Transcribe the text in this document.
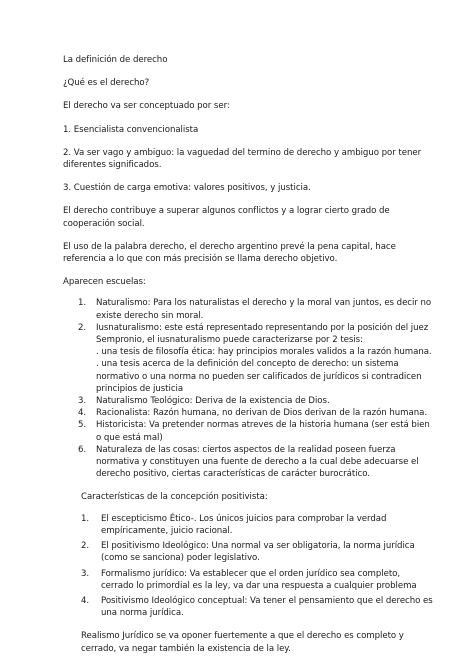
La definición de derecho

¿Qué es el derecho?

El derecho va ser conceptuado por ser:

1. Esencialista convencionalista

2. Va ser vago y ambiguo: la vaguedad del termino de derecho y ambiguo por tener diferentes significados.

3. Cuestión de carga emotiva: valores positivos, y justicia.

El derecho contribuye a superar algunos conflictos y a lograr cierto grado de cooperación social.

El uso de la palabra derecho, el derecho argentino prevé la pena capital, hace referencia a lo que con más precisión se llama derecho objetivo.

Aparecen escuelas:

1. Naturalismo: Para los naturalistas el derecho y la moral van juntos, es decir no existe derecho sin moral.
2. Iusnaturalismo: este está representado representando por la posición del juez Sempronio, el iusnaturalismo puede caracterizarse por 2 tesis:
. una tesis de filosofía ética: hay principios morales validos a la razón humana.
. una tesis acerca de la definición del concepto de derecho: un sistema normativo o una norma no pueden ser calificados de jurídicos si contradicen principios de justicia
3. Naturalismo Teológico: Deriva de la existencia de Dios.
4. Racionalista: Razón humana, no derivan de Dios derivan de la razón humana.
5. Historicista: Va pretender normas atreves de la historia humana (ser está bien o que está mal)
6. Naturaleza de las cosas: ciertos aspectos de la realidad poseen fuerza normativa y constituyen una fuente de derecho a la cual debe adecuarse el derecho positivo, ciertas características de carácter burocrático.

Características de la concepción positivista:

1. El escepticismo Ético-. Los únicos juicios para comprobar la verdad empíricamente, juicio racional.
2. El positivismo Ideológico: Una normal va ser obligatoria, la norma jurídica (como se sanciona) poder legislativo.
3. Formalismo jurídico: Va establecer que el orden jurídico sea completo, cerrado lo primordial es la ley, va dar una respuesta a cualquier problema
4. Positivismo Ideológico conceptual: Va tener el pensamiento que el derecho es una norma jurídica.

Realismo Jurídico se va oponer fuertemente a que el derecho es completo y cerrado, va negar también la existencia de la ley.
